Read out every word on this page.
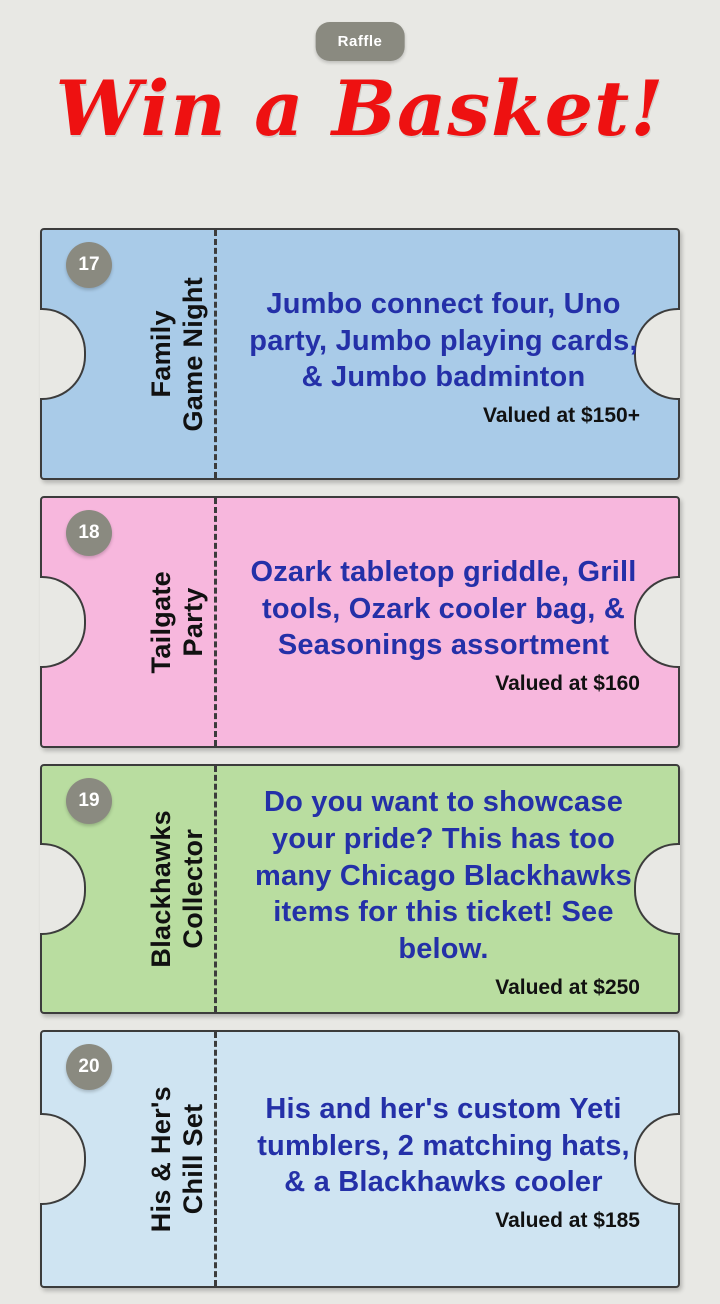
Raffle
Win a Basket!
17
Family
Game Night	Jumbo connect four, Uno party, Jumbo playing cards, & Jumbo badminton
Valued at $150+
18
Tailgate
Party
Ozark tabletop griddle, Grill tools, Ozark cooler bag, & Seasonings assortment
Valued at $160
19
Blackhawks
Collector
Do you want to showcase your pride? This has too many Chicago Blackhawks items for this ticket! See below.
Valued at $250
20
His & Her's
Chill Set	His and her's custom Yeti tumblers, 2 matching hats, & a Blackhawks cooler
Valued at $185
